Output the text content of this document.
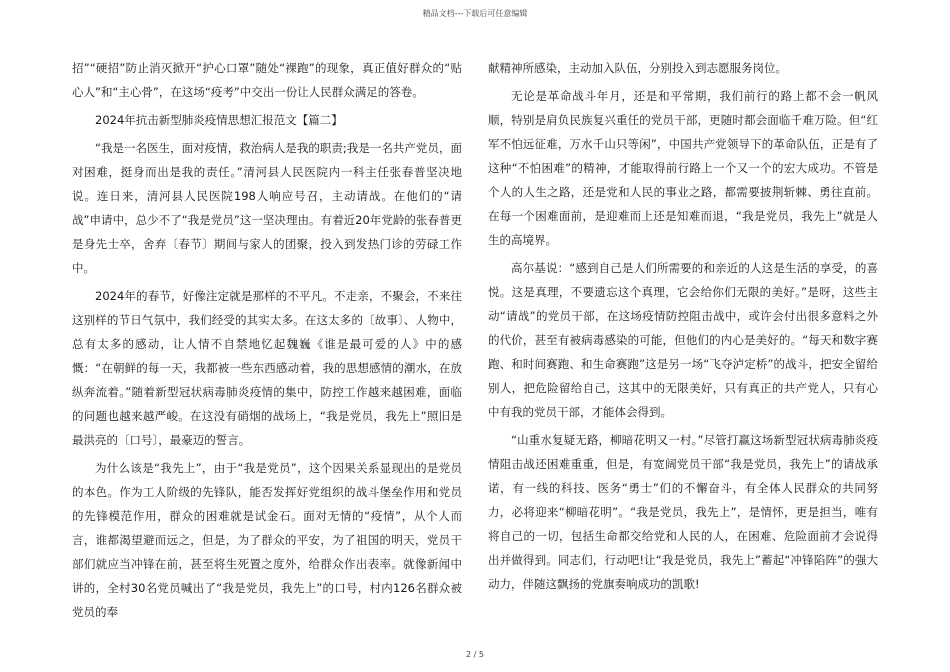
精品文档---下载后可任意编辑

招”“硬招”防止消灭掀开“护心口罩”随处“裸跑”的现象，真正值好群众的“贴心人”和“主心骨”，在这场“疫考”中交出一份让人民群众满足的答卷。

2024年抗击新型肺炎疫情思想汇报范文【篇二】

“我是一名医生，面对疫情，救治病人是我的职责;我是一名共产党员，面对困难，挺身而出是我的责任。”清河县人民医院内一科主任张春普坚决地说。连日来，清河县人民医院198人响应号召，主动请战。在他们的“请战”申请中，总少不了“我是党员”这一坚决理由。有着近20年党龄的张春普更是身先士卒，舍弃〔春节〕期间与家人的团聚，投入到发热门诊的劳碌工作中。

2024年的春节，好像注定就是那样的不平凡。不走亲，不聚会，不来往这别样的节日气氛中，我们经受的其实太多。在这太多的〔故事〕、人物中，总有太多的感动，让人情不自禁地忆起魏巍《谁是最可爱的人》中的感慨：“在朝鲜的每一天，我都被一些东西感动着，我的思想感情的潮水，在放纵奔流着。”随着新型冠状病毒肺炎疫情的集中，防控工作越来越困难，面临的问题也越来越严峻。在这没有硝烟的战场上，“我是党员，我先上”照旧是最洪亮的〔口号〕，最豪迈的誓言。

为什么该是“我先上”，由于“我是党员”，这个因果关系显现出的是党员的本色。作为工人阶级的先锋队，能否发挥好党组织的战斗堡垒作用和党员的先锋模范作用，群众的困难就是试金石。面对无情的“疫情”，从个人而言，谁都渴望避而远之，但是，为了群众的平安，为了祖国的明天，党员干部们就应当冲锋在前，甚至将生死置之度外，给群众作出表率。就像新闻中讲的，全村30名党员喊出了“我是党员，我先上”的口号，村内126名群众被党员的奉

献精神所感染，主动加入队伍，分别投入到志愿服务岗位。

无论是革命战斗年月，还是和平常期，我们前行的路上都不会一帆风顺，特别是肩负民族复兴重任的党员干部，更随时都会面临千难万险。但“红军不怕远征难，万水千山只等闲”，中国共产党领导下的革命队伍，正是有了这种“不怕困难”的精神，才能取得前行路上一个又一个的宏大成功。不管是个人的人生之路，还是党和人民的事业之路，都需要披荆斩棘、勇往直前。在每一个困难面前，是迎难而上还是知难而退，“我是党员，我先上”就是人生的高境界。

高尔基说：“感到自己是人们所需要的和亲近的人这是生活的享受，的喜悦。这是真理，不要遗忘这个真理，它会给你们无限的美好。”是呀，这些主动“请战”的党员干部，在这场疫情防控阻击战中，或许会付出很多意料之外的代价，甚至有被病毒感染的可能，但他们的内心是美好的。“每天和数字赛跑、和时间赛跑、和生命赛跑”这是另一场“飞夺泸定桥”的战斗，把安全留给别人，把危险留给自己，这其中的无限美好，只有真正的共产党人，只有心中有我的党员干部，才能体会得到。

“山重水复疑无路，柳暗花明又一村。”尽管打赢这场新型冠状病毒肺炎疫情阻击战还困难重重，但是，有宽阔党员干部“我是党员，我先上”的请战承诺，有一线的科技、医务“勇士”们的不懈奋斗，有全体人民群众的共同努力，必将迎来“柳暗花明”。“我是党员，我先上”，是情怀，更是担当，唯有将自己的一切，包括生命都交给党和人民的人，在困难、危险面前才会说得出并做得到。同志们，行动吧!让“我是党员，我先上”蓄起“冲锋陷阵”的强大动力，伴随这飘扬的党旗奏响成功的凯歌!

2 / 5
